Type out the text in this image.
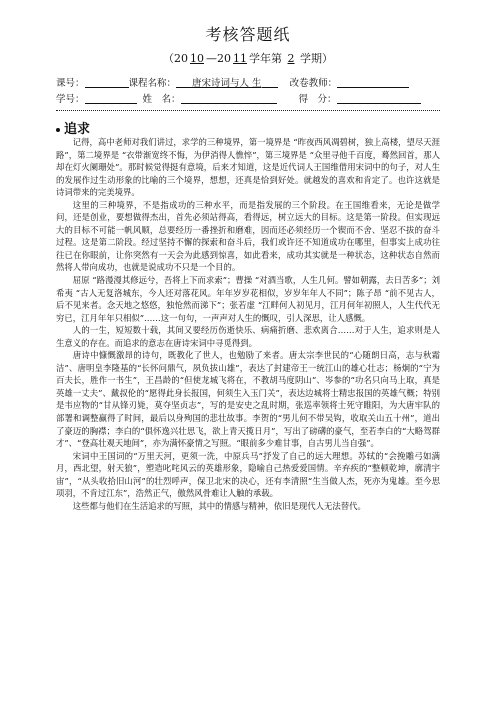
考核答题纸
（20 10 —20 11 学年第 2 学期）
课号：	课程名称： 唐宋诗词与人 生	改卷教师：
学号：	姓　名：	得　分：
追求

记得，高中老师对我们讲过，求学的三种境界，第一境界是 “昨夜西风凋碧树，独上高楼，望尽天涯路”，第二境界是 “衣带渐宽终不悔，为伊消得人憔悴”，第三境界是 “众里寻他千百度，蓦然回首，那人却在灯火阑珊处”。那时候觉得挺有意境，后来才知道，这是近代词人王国维借用宋词中的句子，对人生的发展作过生动形象的比喻的三个境界，想想，还真是恰到好处。就越发的喜欢和肯定了。也许这就是诗词带来的完美境界。

这里的三种境界，不是指成功的三种水平，而是指发展的三个阶段。在王国维看来，无论是做学问，还是创业，要想做得杰出，首先必须站得高，看得远，树立远大的目标。这是第一阶段。但实现远大的目标不可能一帆风顺，总要经历一番挫折和磨难，因而还必须经历一个锲而不舍、坚忍不拔的奋斗过程。这是第二阶段。经过坚持不懈的探索和奋斗后，我们或许还不知道成功在哪里，但事实上成功往往已在你眼前，让你突然有一天会为此感到惊喜，如此看来，成功其实就是一种状态，这种状态自然而然将人带向成功，也就是说成功不只是一个目的。

屈原 “路漫漫其修远兮，吾将上下而求索”；曹操 “对酒当歌，人生几何。譬如朝露，去日苦多”；刘希夷 “古人无复洛城东，今人还对落花风。年年岁岁花相似，岁岁年年人不同”；陈子昂 “前不见古人，后不见来者。念天地之悠悠，独怆然而涕下”；张若虚 “江畔何人初见月，江月何年初照人，人生代代无穷已，江月年年只相似”……这一句句，一声声对人生的慨叹，引人深思，让人感慨。

人的一生，短短数十载，其间又要经历伤逝快乐、病痛折磨、悲欢离合……对于人生，追求则是人生意义的存在。而追求的意志在唐诗宋词中寻觅得到。

唐诗中慷慨激昂的诗句，既教化了世人，也勉励了来者。唐太宗李世民的“心随朗日高，志与秋霜洁”、唐明皇李隆基的“长怀问鼎气，夙负拔山雄”，表达了封建帝王一统江山的雄心壮志；杨炯的“宁为百夫长，胜作一书生”，王昌龄的“但使龙城飞将在，不教胡马度阴山”、岑参的“功名只向马上取，真是英雄一丈夫”、戴叔伦的“愿得此身长报国，何须生入玉门关”，表达边城将士精忠报国的英雄气概；特别是韦应物的“甘从锋刃毙，莫夺坚贞志”，写的是安史之乱时期，张巡率领将士死守睢阳，为大唐牢队的部署和调整赢得了时间，最后以身殉国的悲壮故事。李贺的“男儿何不带吴钩，收取关山五十州”，道出了豪迈的胸襟；李白的“俱怀逸兴壮思飞，欲上青天揽日月”，写出了磅礴的豪气，至若李白的“大略驾群才”、“登高壮观天地间”，亦为满怀豪情之写照。“眼前多少难甘事，自古男儿当自强”。

宋词中王国词的“万里天河，更须一洗，中原兵马”抒发了自己的远大理想。苏轼的“会挽雕弓如满月，西北望，射天狼”，塑造叱咤风云的英雄形象，隐喻自己热爱爱国情。辛弃疾的“整顿乾坤，廓清宇宙”，“从头收拾旧山河”的壮烈呼声，保卫北宋的决心，还有李清照“生当做人杰，死亦为鬼雄。至今思项羽，不肯过江东”，浩然正气，傲然风骨难让人触的承载。

这些都与他们在生活追求的写照，其中的情感与精神，依旧是现代人无法替代。
